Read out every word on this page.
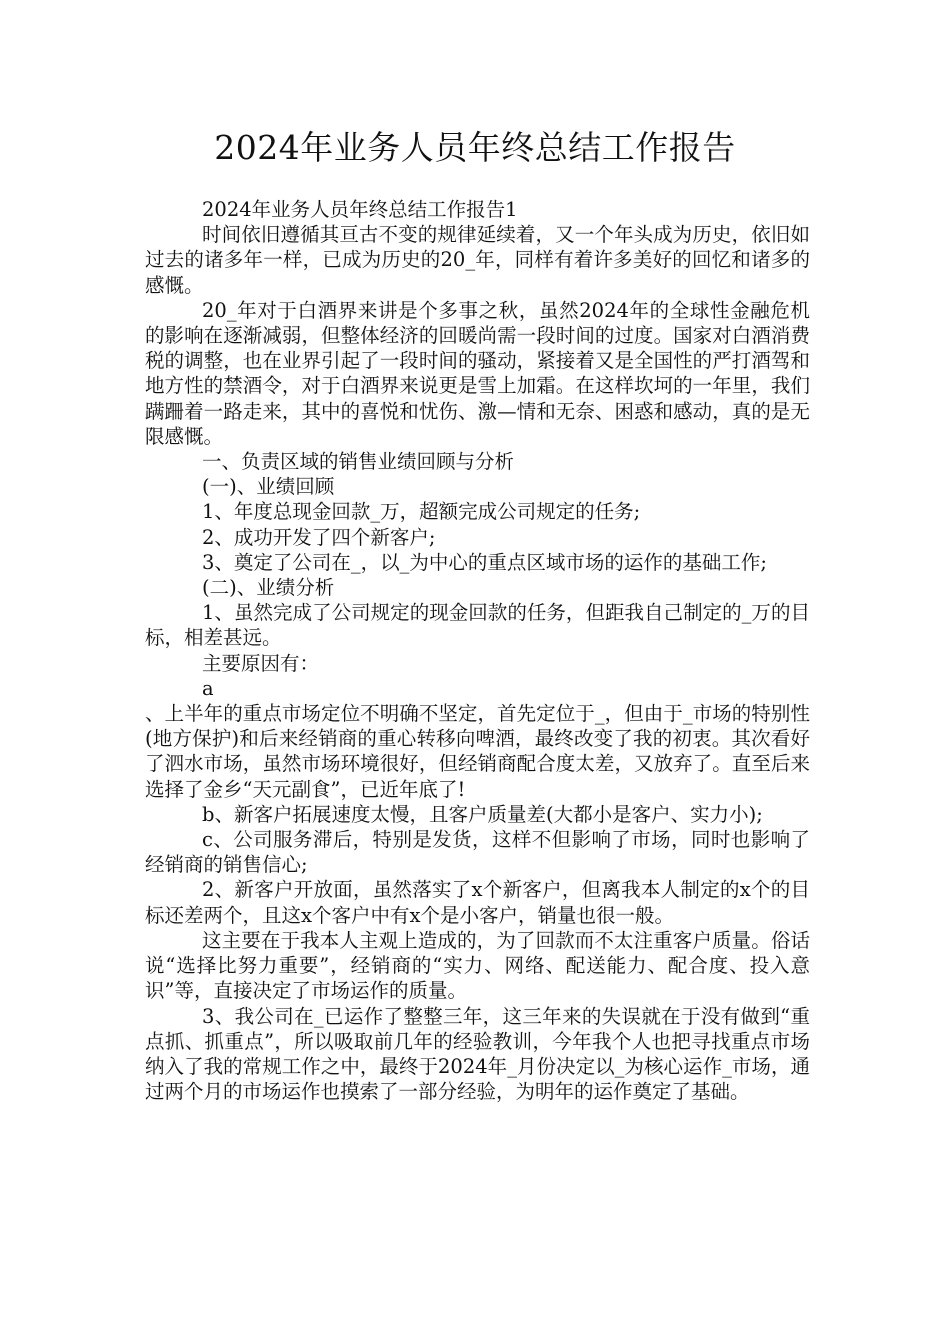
2024年业务人员年终总结工作报告

2024年业务人员年终总结工作报告1

时间依旧遵循其亘古不变的规律延续着，又一个年头成为历史，依旧如过去的诸多年一样，已成为历史的20_年，同样有着许多美好的回忆和诸多的感慨。

20_年对于白酒界来讲是个多事之秋，虽然2024年的全球性金融危机的影响在逐渐减弱，但整体经济的回暖尚需一段时间的过度。国家对白酒消费税的调整，也在业界引起了一段时间的骚动，紧接着又是全国性的严打酒驾和地方性的禁酒令，对于白酒界来说更是雪上加霜。在这样坎坷的一年里，我们蹒跚着一路走来，其中的喜悦和忧伤、激—情和无奈、困惑和感动，真的是无限感慨。

一、负责区域的销售业绩回顾与分析

(一)、业绩回顾

1、年度总现金回款_万，超额完成公司规定的任务;

2、成功开发了四个新客户;

3、奠定了公司在_，以_为中心的重点区域市场的运作的基础工作;

(二)、业绩分析

1、虽然完成了公司规定的现金回款的任务，但距我自己制定的_万的目标，相差甚远。

主要原因有：

a

、上半年的重点市场定位不明确不坚定，首先定位于_，但由于_市场的特别性(地方保护)和后来经销商的重心转移向啤酒，最终改变了我的初衷。其次看好了泗水市场，虽然市场环境很好，但经销商配合度太差，又放弃了。直至后来选择了金乡“天元副食”，已近年底了!

b、新客户拓展速度太慢，且客户质量差(大都小是客户、实力小);

c、公司服务滞后，特别是发货，这样不但影响了市场，同时也影响了经销商的销售信心;

2、新客户开放面，虽然落实了x个新客户，但离我本人制定的x个的目标还差两个，且这x个客户中有x个是小客户，销量也很一般。

这主要在于我本人主观上造成的，为了回款而不太注重客户质量。俗话说“选择比努力重要”，经销商的“实力、网络、配送能力、配合度、投入意识”等，直接决定了市场运作的质量。

3、我公司在_已运作了整整三年，这三年来的失误就在于没有做到“重点抓、抓重点”，所以吸取前几年的经验教训，今年我个人也把寻找重点市场纳入了我的常规工作之中，最终于2024年_月份决定以_为核心运作_市场，通过两个月的市场运作也摸索了一部分经验，为明年的运作奠定了基础。
